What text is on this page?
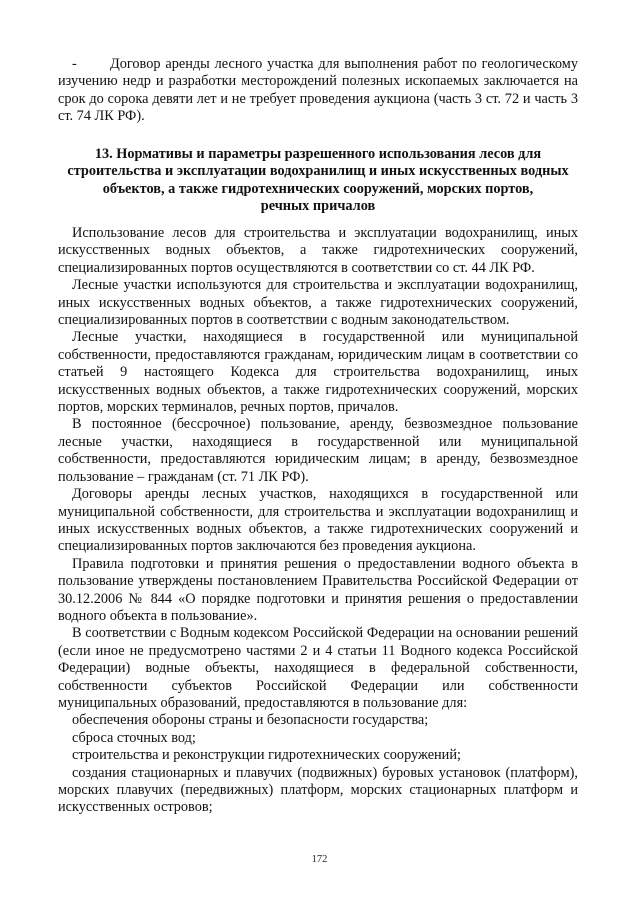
- Договор аренды лесного участка для выполнения работ по геологическому изучению недр и разработки месторождений полезных ископаемых заключается на срок до сорока девяти лет и не требует проведения аукциона (часть 3 ст. 72 и часть 3 ст. 74 ЛК РФ).

13. Нормативы и параметры разрешенного использования лесов для
строительства и эксплуатации водохранилищ и иных искусственных водных
объектов, а также гидротехнических сооружений, морских портов,
речных причалов

Использование лесов для строительства и эксплуатации водохранилищ, иных искусственных водных объектов, а также гидротехнических сооружений, специализированных портов осуществляются в соответствии со ст. 44 ЛК РФ.

Лесные участки используются для строительства и эксплуатации водохранилищ, иных искусственных водных объектов, а также гидротехнических сооружений, специализированных портов в соответствии с водным законодательством.

Лесные участки, находящиеся в государственной или муниципальной собственности, предоставляются гражданам, юридическим лицам в соответствии со статьей 9 настоящего Кодекса для строительства водохранилищ, иных искусственных водных объектов, а также гидротехнических сооружений, морских портов, морских терминалов, речных портов, причалов.

В постоянное (бессрочное) пользование, аренду, безвозмездное пользование лесные участки, находящиеся в государственной или муниципальной собственности, предоставляются юридическим лицам; в аренду, безвозмездное пользование – гражданам (ст. 71 ЛК РФ).

Договоры аренды лесных участков, находящихся в государственной или муниципальной собственности, для строительства и эксплуатации водохранилищ и иных искусственных водных объектов, а также гидротехнических сооружений и специализированных портов заключаются без проведения аукциона.

Правила подготовки и принятия решения о предоставлении водного объекта в пользование утверждены постановлением Правительства Российской Федерации от 30.12.2006 № 844 «О порядке подготовки и принятия решения о предоставлении водного объекта в пользование».

В соответствии с Водным кодексом Российской Федерации на основании решений (если иное не предусмотрено частями 2 и 4 статьи 11 Водного кодекса Российской Федерации) водные объекты, находящиеся в федеральной собственности, собственности субъектов Российской Федерации или собственности муниципальных образований, предоставляются в пользование для:

обеспечения обороны страны и безопасности государства;

сброса сточных вод;

строительства и реконструкции гидротехнических сооружений;

создания стационарных и плавучих (подвижных) буровых установок (платформ), морских плавучих (передвижных) платформ, морских стационарных платформ и искусственных островов;

172
